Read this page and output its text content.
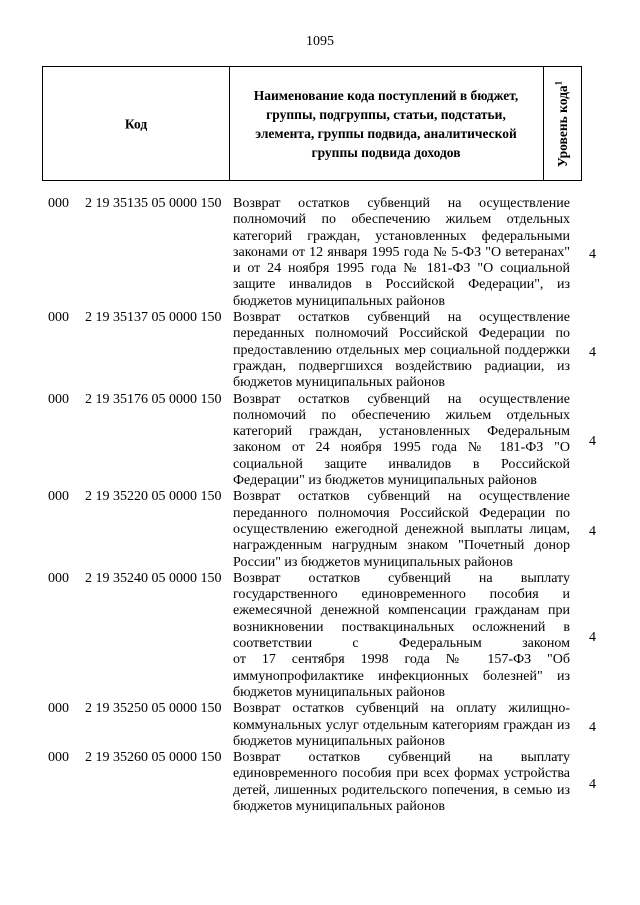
1095
Код
Наименование кода поступлений в бюджет, группы, подгруппы, статьи, подстатьи, элемента, группы подвида, аналитической группы подвида доходов	Уровень кода$^1$
000 2 19 35135 05 0000 150 Возврат остатков субвенций на осуществление
полномочий по обеспечению жильем отдельных
категорий граждан, установленных федеральными
законами от 12 января 1995 года № 5-ФЗ "О ветеранах"
и от 24 ноября 1995 года № 181-ФЗ "О социальной
защите инвалидов в Российской Федерации", из
бюджетов муниципальных районов
4
000 2 19 35137 05 0000 150 Возврат остатков субвенций на осуществление
переданных полномочий Российской Федерации по
предоставлению отдельных мер социальной поддержки
граждан, подвергшихся воздействию радиации, из
бюджетов муниципальных районов
4
000 2 19 35176 05 0000 150 Возврат остатков субвенций на осуществление
полномочий по обеспечению жильем отдельных
категорий граждан, установленных Федеральным
законом от 24 ноября 1995 года № 181-ФЗ "О
социальной защите инвалидов в Российской
Федерации" из бюджетов муниципальных районов
4
000 2 19 35220 05 0000 150 Возврат остатков субвенций на осуществление
переданного полномочия Российской Федерации по
осуществлению ежегодной денежной выплаты лицам,
награжденным нагрудным знаком "Почетный донор
России" из бюджетов муниципальных районов
4
000 2 19 35240 05 0000 150 Возврат остатков субвенций на выплату
государственного единовременного пособия и
ежемесячной денежной компенсации гражданам при
возникновении поствакцинальных осложнений в
соответствии с Федеральным законом
от 17 сентября 1998 года № 157-ФЗ "Об
иммунопрофилактике инфекционных болезней" из
бюджетов муниципальных районов
4
000 2 19 35250 05 0000 150 Возврат остатков субвенций на оплату жилищно-
коммунальных услуг отдельным категориям граждан из
бюджетов муниципальных районов
4
000 2 19 35260 05 0000 150 Возврат остатков субвенций на выплату
единовременного пособия при всех формах устройства
детей, лишенных родительского попечения, в семью из
бюджетов муниципальных районов
4
